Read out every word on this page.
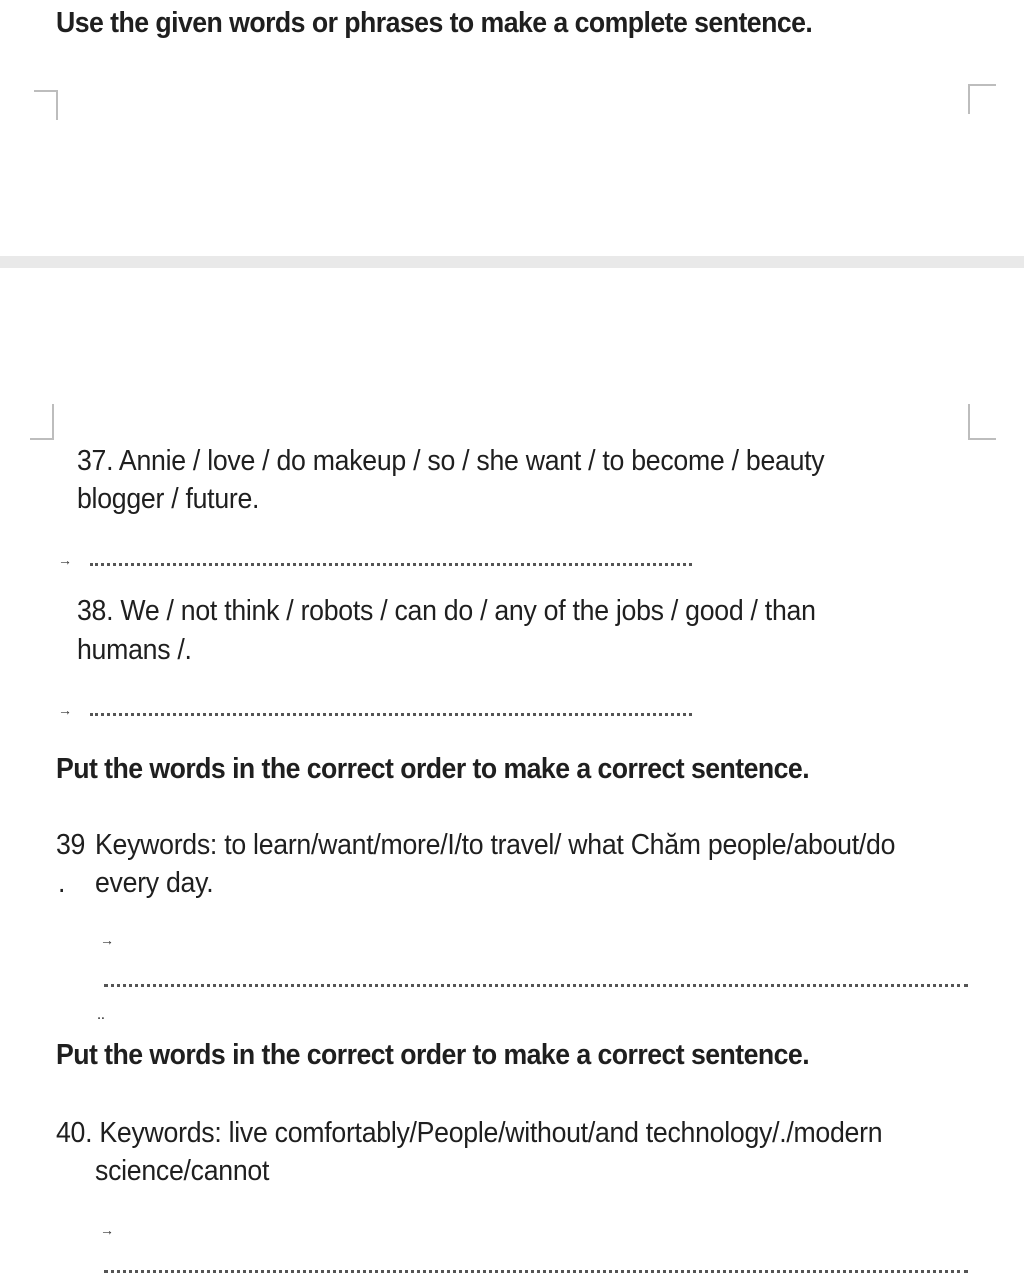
Use the given words or phrases to make a complete sentence.
37. Annie / love / do makeup / so / she want / to become / beauty
blogger / future.
→
38. We / not think / robots / can do / any of the jobs / good / than
humans /.
→
Put the words in the correct order to make a correct sentence.
39 Keywords: to learn/want/more/I/to travel/ what Chăm people/about/do
. every day.
→
..
Put the words in the correct order to make a correct sentence.
40. Keywords: live comfortably/People/without/and technology/./modern
science/cannot
→
